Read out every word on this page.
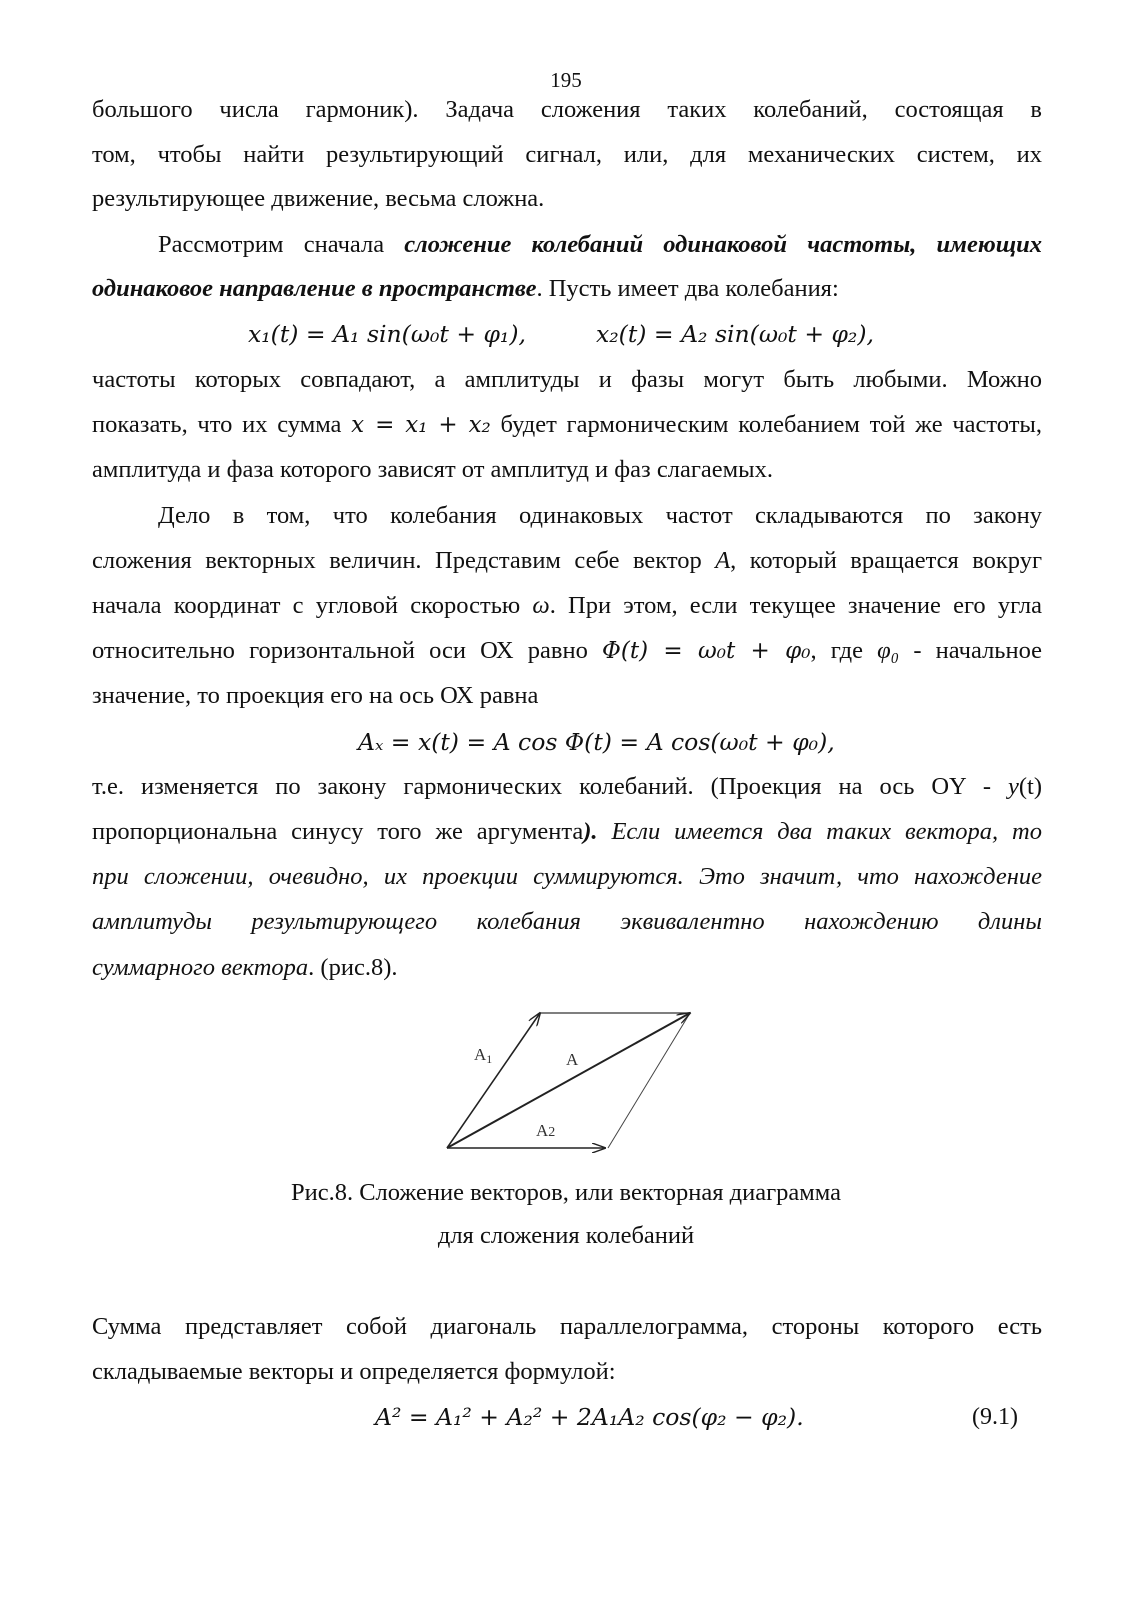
195
большого числа гармоник). Задача сложения таких колебаний, состоящая в
том, чтобы найти результирующий сигнал, или, для механических систем, их
результирующее движение, весьма сложна.
Рассмотрим сначала сложение колебаний одинаковой частоты, имеющих
одинаковое направление в пространстве. Пусть имеет два колебания:
x₁(t) = A₁ sin(ω₀t + φ₁),	x₂(t) = A₂ sin(ω₀t + φ₂),
частоты которых совпадают, а амплитуды и фазы могут быть любыми. Можно
показать, что их сумма x = x₁ + x₂ будет гармоническим колебанием той же частоты,
амплитуда и фаза которого зависят от амплитуд и фаз слагаемых.
Дело в том, что колебания одинаковых частот складываются по закону
сложения векторных величин. Представим себе вектор A, который вращается вокруг
начала координат с угловой скоростью ω. При этом, если текущее значение его угла
относительно горизонтальной оси ОХ равно Φ(t) = ω₀t + φ₀, где φ₀ - начальное
значение, то проекция его на ось ОХ равна
Aₓ = x(t) = A cos Φ(t) = A cos(ω₀t + φ₀),
т.е. изменяется по закону гармонических колебаний. (Проекция на ось OY - y(t)
пропорциональна синусу того же аргумента). Если имеется два таких вектора, то
при сложении, очевидно, их проекции суммируются. Это значит, что нахождение
амплитуды результирующего колебания эквивалентно нахождению длины
суммарного вектора. (рис.8).
A1	A
A2
Рис.8. Сложение векторов, или векторная диаграмма
для сложения колебаний
Сумма представляет собой диагональ параллелограмма, стороны которого есть
складываемые векторы и определяется формулой:
A² = A₁² + A₂² + 2A₁A₂ cos(φ₂ − φ₂).	(9.1)
